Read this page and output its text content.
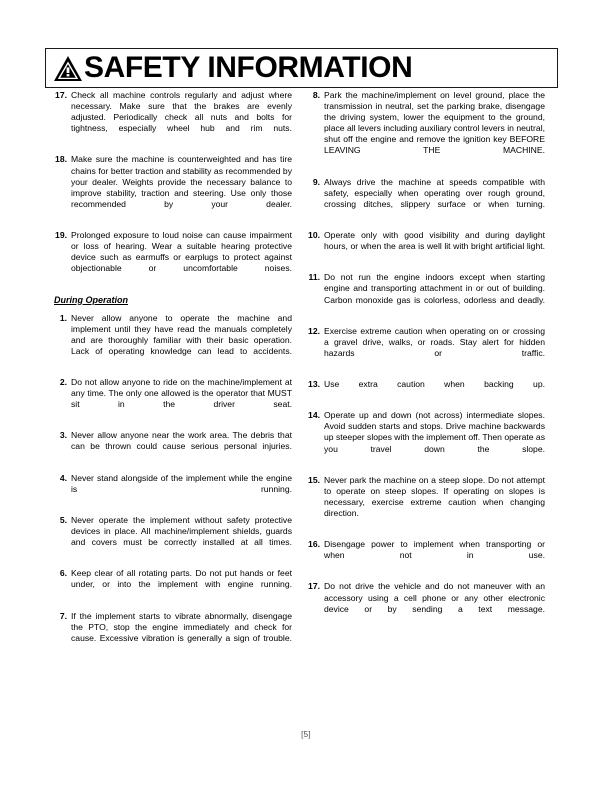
SAFETY INFORMATION
17. Check all machine controls regularly and adjust where necessary. Make sure that the brakes are evenly adjusted. Periodically check all nuts and bolts for tightness, especially wheel hub and rim nuts.
18. Make sure the machine is counterweighted and has tire chains for better traction and stability as recommended by your dealer. Weights provide the necessary balance to improve stability, traction and steering. Use only those recommended by your dealer.
19. Prolonged exposure to loud noise can cause impairment or loss of hearing. Wear a suitable hearing protective device such as earmuffs or earplugs to protect against objectionable or uncomfortable noises.
During Operation
1. Never allow anyone to operate the machine and implement until they have read the manuals completely and are thoroughly familiar with their basic operation. Lack of operating knowledge can lead to accidents.
2. Do not allow anyone to ride on the machine/implement at any time. The only one allowed is the operator that MUST sit in the driver seat.
3. Never allow anyone near the work area. The debris that can be thrown could cause serious personal injuries.
4. Never stand alongside of the implement while the engine is running.
5. Never operate the implement without safety protective devices in place. All machine/implement shields, guards and covers must be correctly installed at all times.
6. Keep clear of all rotating parts. Do not put hands or feet under, or into the implement with engine running.
7. If the implement starts to vibrate abnormally, disengage the PTO, stop the engine immediately and check for cause. Excessive vibration is generally a sign of trouble.
8. Park the machine/implement on level ground, place the transmission in neutral, set the parking brake, disengage the driving system, lower the equipment to the ground, place all levers including auxiliary control levers in neutral, shut off the engine and remove the ignition key BEFORE LEAVING THE MACHINE.
9. Always drive the machine at speeds compatible with safety, especially when operating over rough ground, crossing ditches, slippery surface or when turning.
10. Operate only with good visibility and during daylight hours, or when the area is well lit with bright artificial light.
11. Do not run the engine indoors except when starting engine and transporting attachment in or out of building. Carbon monoxide gas is colorless, odorless and deadly.
12. Exercise extreme caution when operating on or crossing a gravel drive, walks, or roads. Stay alert for hidden hazards or traffic.
13. Use extra caution when backing up.
14. Operate up and down (not across) intermediate slopes. Avoid sudden starts and stops. Drive machine backwards up steeper slopes with the implement off. Then operate as you travel down the slope.
15. Never park the machine on a steep slope. Do not attempt to operate on steep slopes. If operating on slopes is necessary, exercise extreme caution when changing direction.
16. Disengage power to implement when transporting or when not in use.
17. Do not drive the vehicle and do not maneuver with an accessory using a cell phone or any other electronic device or by sending a text message.
[5]
